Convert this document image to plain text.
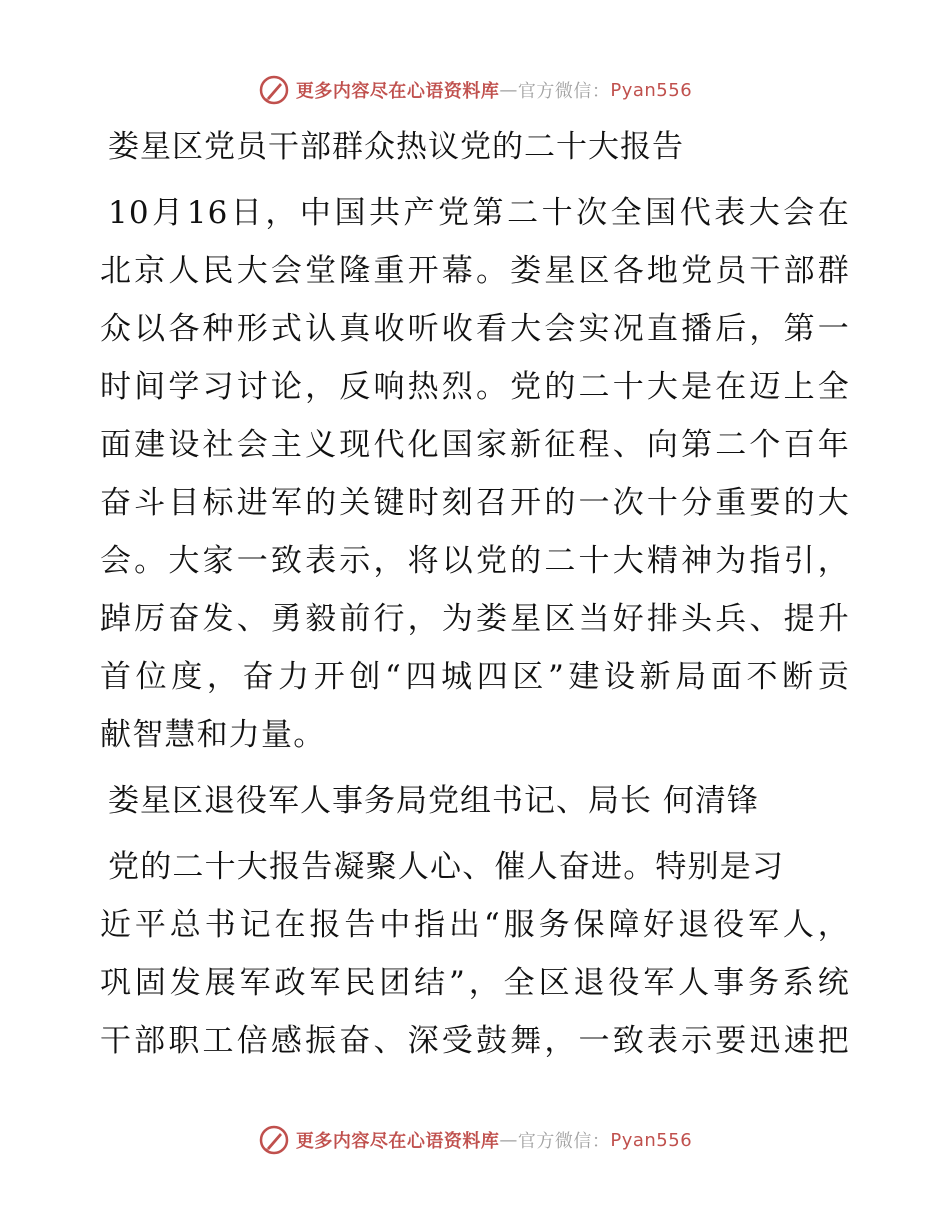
更多内容尽在心语资料库 — 官方微信： Pyan556
娄星区党员干部群众热议党的二十大报告
10月16日，中国共产党第二十次全国代表大会在
北京人民大会堂隆重开幕。娄星区各地党员干部群
众以各种形式认真收听收看大会实况直播后，第一
时间学习讨论，反响热烈。党的二十大是在迈上全
面建设社会主义现代化国家新征程、向第二个百年
奋斗目标进军的关键时刻召开的一次十分重要的大
会。大家一致表示，将以党的二十大精神为指引，
踔厉奋发、勇毅前行，为娄星区当好排头兵、提升
首位度，奋力开创“四城四区”建设新局面不断贡
献智慧和力量。
娄星区退役军人事务局党组书记、局长 何清锋
党的二十大报告凝聚人心、催人奋进。特别是习
近平总书记在报告中指出“服务保障好退役军人，
巩固发展军政军民团结”，全区退役军人事务系统
干部职工倍感振奋、深受鼓舞，一致表示要迅速把
更多内容尽在心语资料库 — 官方微信： Pyan556
